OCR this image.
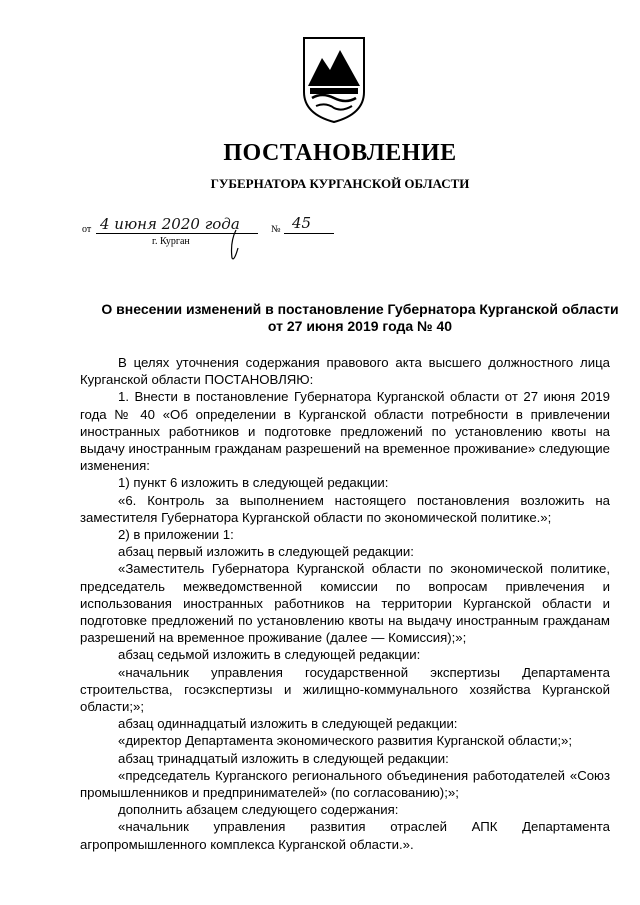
ПОСТАНОВЛЕНИЕ
ГУБЕРНАТОРА КУРГАНСКОЙ ОБЛАСТИ
от 4 июня 2020 года	№ 45
г. Курган
О внесении изменений в постановление Губернатора Курганской области
от 27 июня 2019 года № 40

В целях уточнения содержания правового акта высшего должностного лица Курганской области ПОСТАНОВЛЯЮ:

1. Внести в постановление Губернатора Курганской области от 27 июня 2019 года № 40 «Об определении в Курганской области потребности в привлечении иностранных работников и подготовке предложений по установлению квоты на выдачу иностранным гражданам разрешений на временное проживание» следующие изменения:

1) пункт 6 изложить в следующей редакции:

«6. Контроль за выполнением настоящего постановления возложить на заместителя Губернатора Курганской области по экономической политике.»;

2) в приложении 1:

абзац первый изложить в следующей редакции:

«Заместитель Губернатора Курганской области по экономической политике, председатель межведомственной комиссии по вопросам привлечения и использования иностранных работников на территории Курганской области и подготовке предложений по установлению квоты на выдачу иностранным гражданам разрешений на временное проживание (далее — Комиссия);»;

абзац седьмой изложить в следующей редакции:

«начальник управления государственной экспертизы Департамента строительства, госэкспертизы и жилищно-коммунального хозяйства Курганской области;»;

абзац одиннадцатый изложить в следующей редакции:

«директор Департамента экономического развития Курганской области;»;

абзац тринадцатый изложить в следующей редакции:

«председатель Курганского регионального объединения работодателей «Союз промышленников и предпринимателей» (по согласованию);»;

дополнить абзацем следующего содержания:

«начальник управления развития отраслей АПК Департамента агропромышленного комплекса Курганской области.».
